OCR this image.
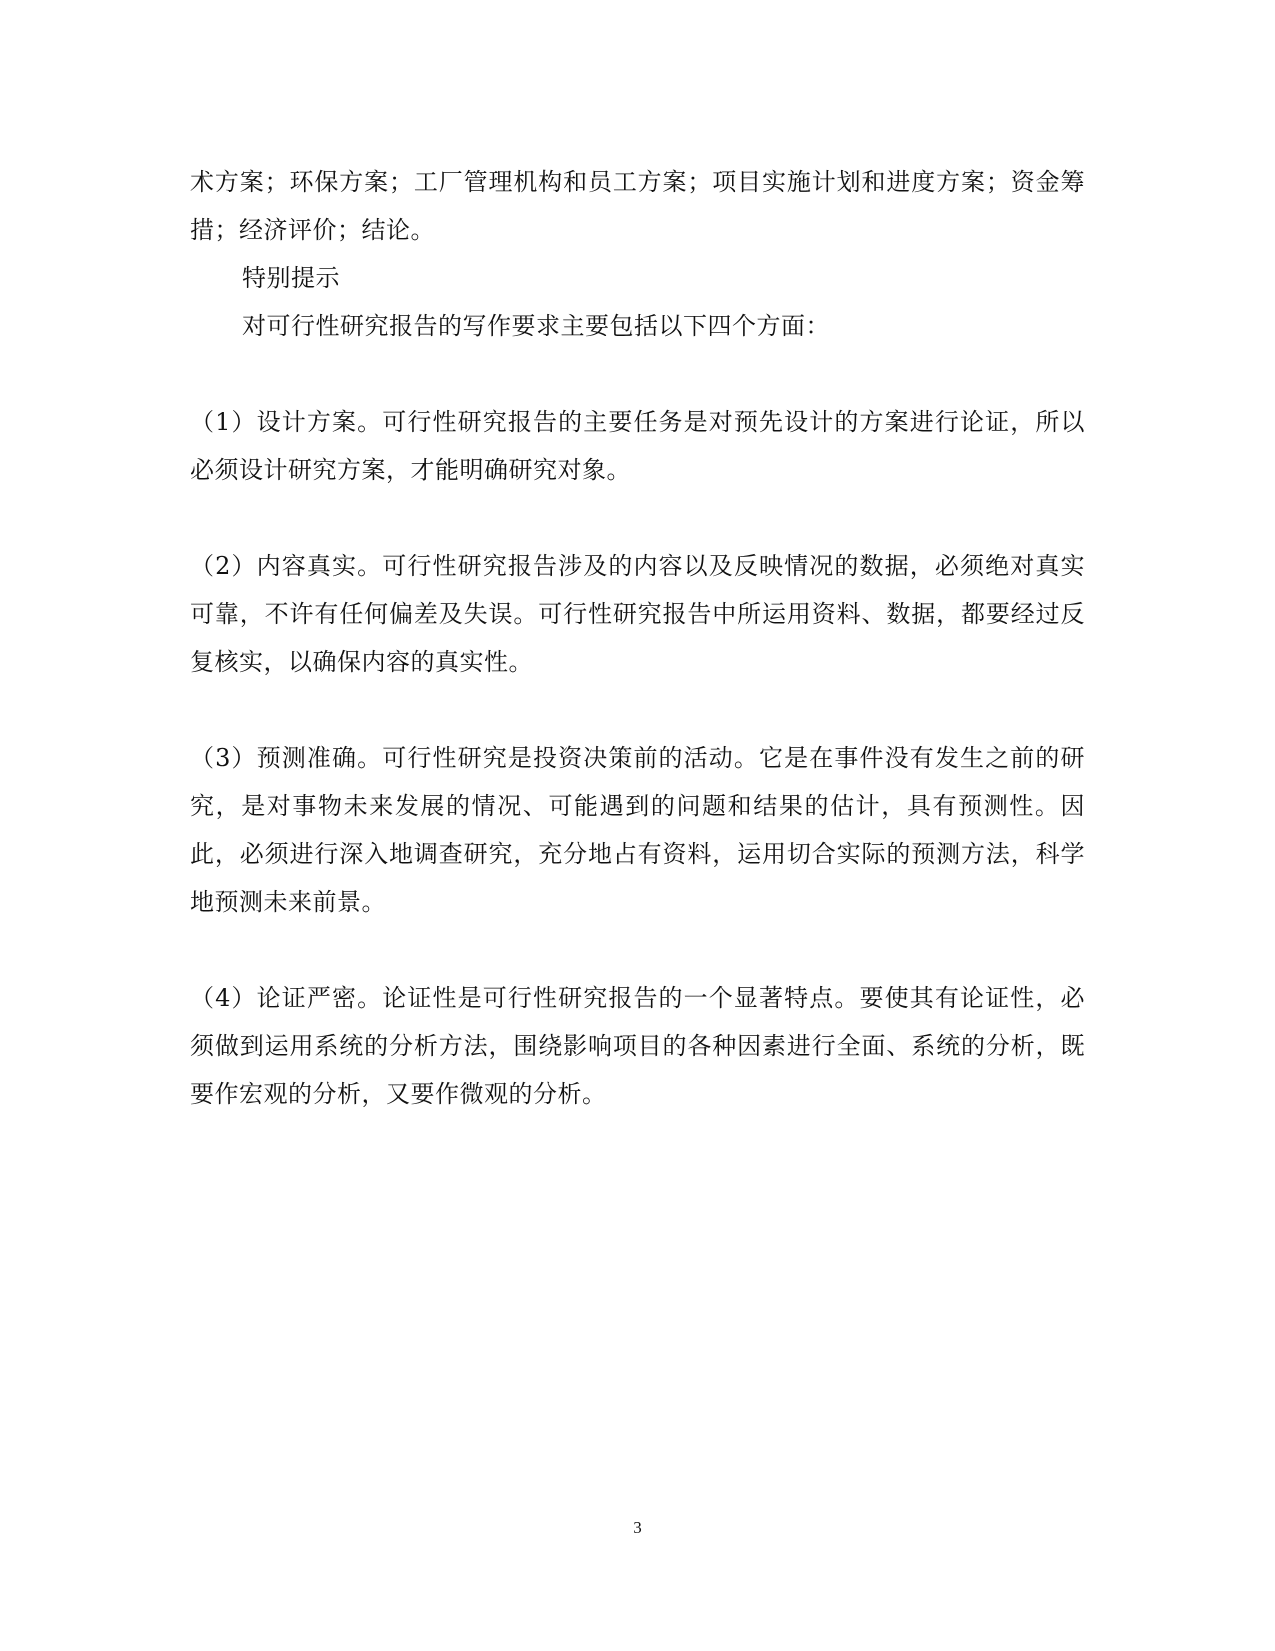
术方案；环保方案；工厂管理机构和员工方案；项目实施计划和进度方案；资金筹措；经济评价；结论。

特别提示

对可行性研究报告的写作要求主要包括以下四个方面：

（1）设计方案。可行性研究报告的主要任务是对预先设计的方案进行论证，所以必须设计研究方案，才能明确研究对象。

（2）内容真实。可行性研究报告涉及的内容以及反映情况的数据，必须绝对真实可靠，不许有任何偏差及失误。可行性研究报告中所运用资料、数据，都要经过反复核实，以确保内容的真实性。

（3）预测准确。可行性研究是投资决策前的活动。它是在事件没有发生之前的研究，是对事物未来发展的情况、可能遇到的问题和结果的估计，具有预测性。因此，必须进行深入地调查研究，充分地占有资料，运用切合实际的预测方法，科学地预测未来前景。

（4）论证严密。论证性是可行性研究报告的一个显著特点。要使其有论证性，必须做到运用系统的分析方法，围绕影响项目的各种因素进行全面、系统的分析，既要作宏观的分析，又要作微观的分析。

3
